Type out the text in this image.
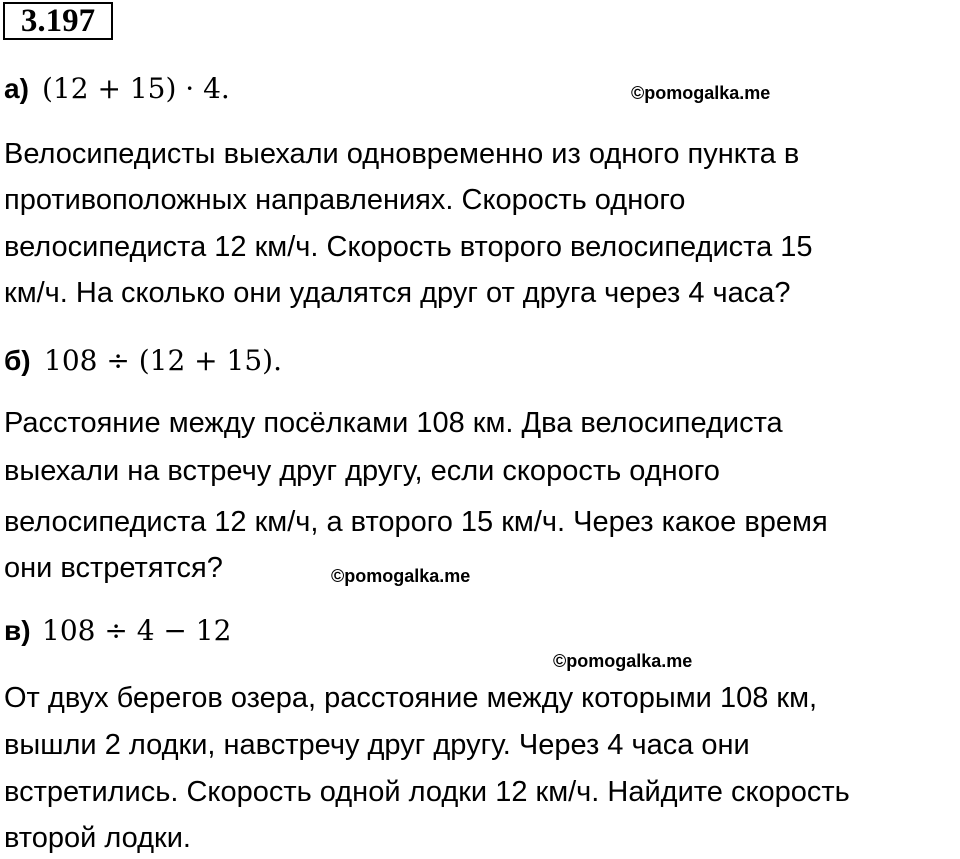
3.197
а) (12 + 15) · 4.	©pomogalka.me
Велосипедисты выехали одновременно из одного пункта в
противоположных направлениях. Скорость одного
велосипедиста 12 км/ч. Скорость второго велосипедиста 15
км/ч. На сколько они удалятся друг от друга через 4 часа?
б) 108 ÷ (12 + 15).
Расстояние между посёлками 108 км. Два велосипедиста
выехали на встречу друг другу, если скорость одного
велосипедиста 12 км/ч, а второго 15 км/ч. Через какое время
они встретятся?	©pomogalka.me
в) 108 ÷ 4 − 12
©pomogalka.me
От двух берегов озера, расстояние между которыми 108 км,
вышли 2 лодки, навстречу друг другу. Через 4 часа они
встретились. Скорость одной лодки 12 км/ч. Найдите скорость
второй лодки.
